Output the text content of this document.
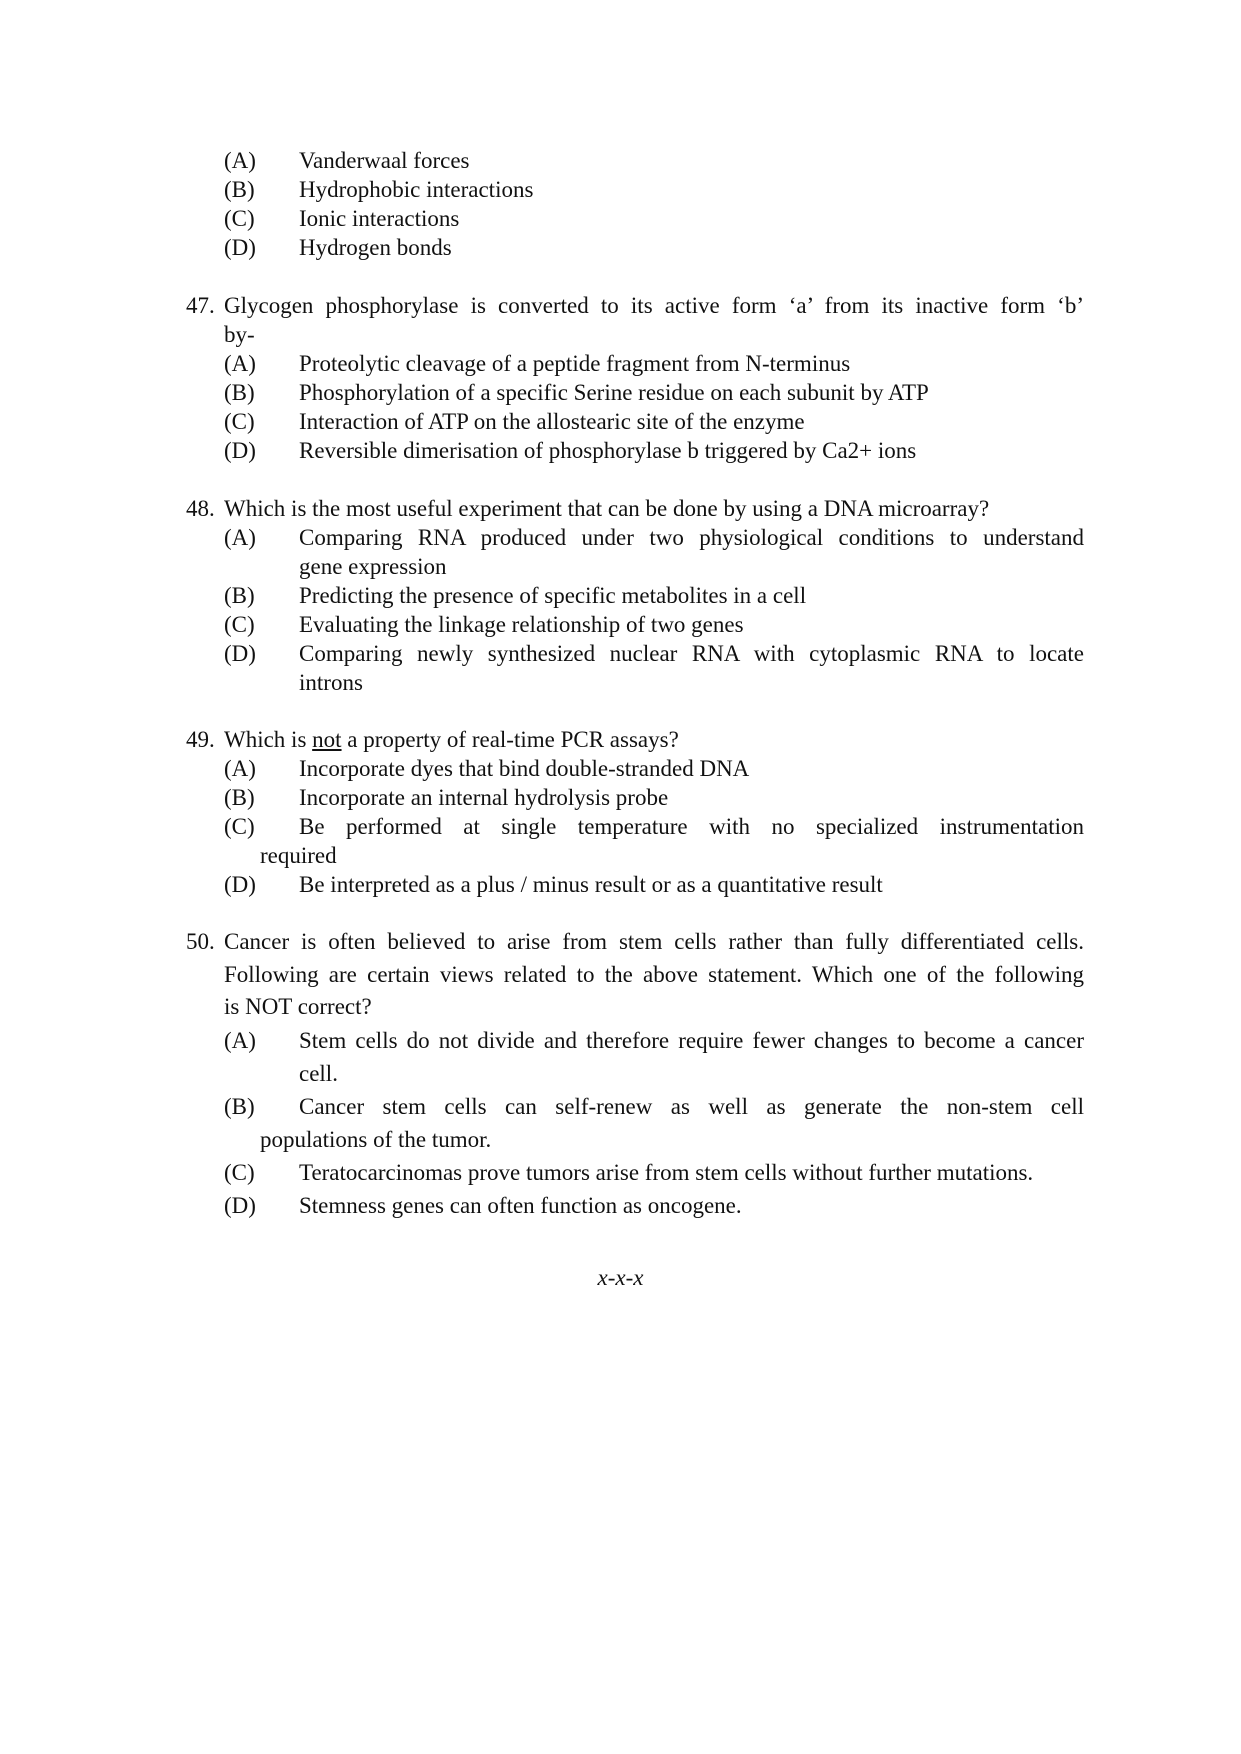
(A)	Vanderwaal forces
(B)	Hydrophobic interactions
(C)	Ionic interactions
(D)	Hydrogen bonds
47. Glycogen phosphorylase is converted to its active form ‘a’ from its inactive form ‘b’
by-
(A)	Proteolytic cleavage of a peptide fragment from N-terminus
(B)	Phosphorylation of a specific Serine residue on each subunit by ATP
(C)	Interaction of ATP on the allostearic site of the enzyme
(D)	Reversible dimerisation of phosphorylase b triggered by Ca2+ ions
48. Which is the most useful experiment that can be done by using a DNA microarray?
(A)	Comparing RNA produced under two physiological conditions to understand
gene expression
(B)	Predicting the presence of specific metabolites in a cell
(C)	Evaluating the linkage relationship of two genes
(D)	Comparing newly synthesized nuclear RNA with cytoplasmic RNA to locate
introns
49. Which is not a property of real-time PCR assays?
(A)	Incorporate dyes that bind double-stranded DNA
(B)	Incorporate an internal hydrolysis probe
(C)	Be performed at single temperature with no specialized instrumentation
required
(D)	Be interpreted as a plus / minus result or as a quantitative result
50. Cancer is often believed to arise from stem cells rather than fully differentiated cells.
Following are certain views related to the above statement. Which one of the following
is NOT correct?
(A)	Stem cells do not divide and therefore require fewer changes to become a cancer
cell.
(B)	Cancer stem cells can self-renew as well as generate the non-stem cell
populations of the tumor.
(C)	Teratocarcinomas prove tumors arise from stem cells without further mutations.
(D)	Stemness genes can often function as oncogene.
x-x-x
